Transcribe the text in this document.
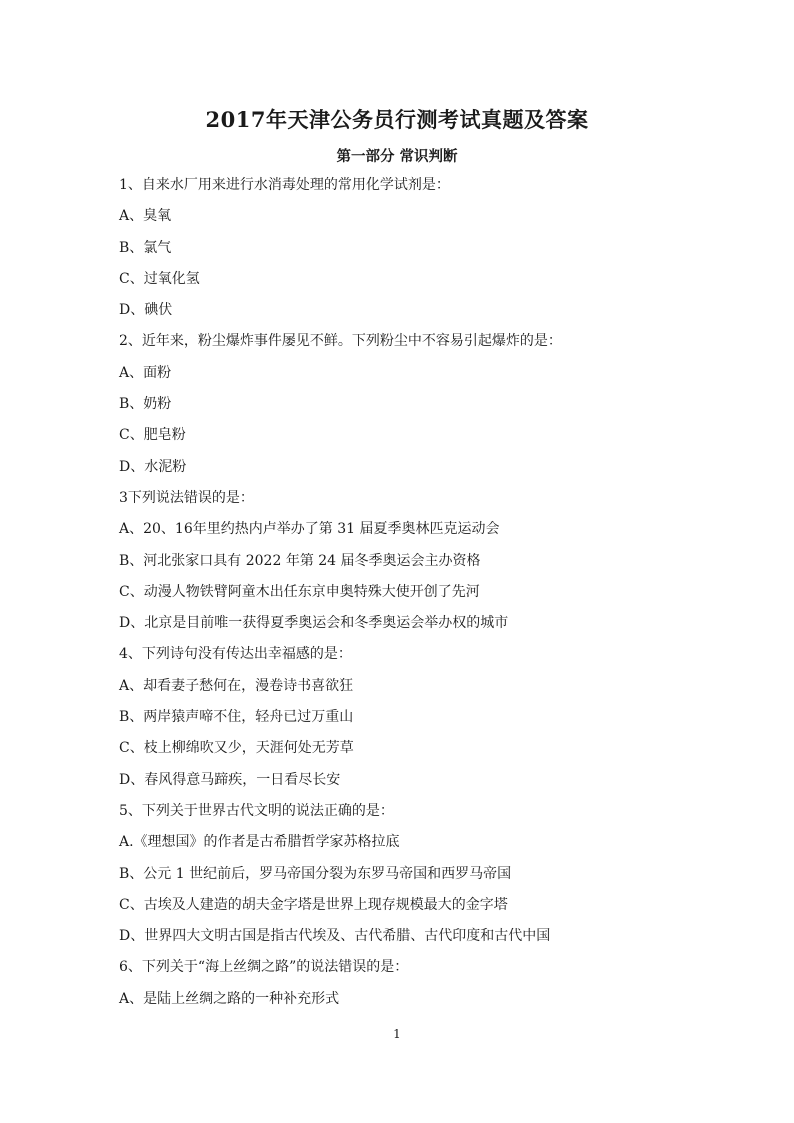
2017年天津公务员行测考试真题及答案
第一部分 常识判断
1、自来水厂用来进行水消毒处理的常用化学试剂是：
A、臭氧
B、氯气
C、过氧化氢
D、碘伏
2、近年来，粉尘爆炸事件屡见不鲜。下列粉尘中不容易引起爆炸的是：
A、面粉
B、奶粉
C、肥皂粉
D、水泥粉
3下列说法错误的是：
A、20、16年里约热内卢举办了第 31 届夏季奥林匹克运动会
B、河北张家口具有 2022 年第 24 届冬季奥运会主办资格
C、动漫人物铁臂阿童木出任东京申奥特殊大使开创了先河
D、北京是目前唯一获得夏季奥运会和冬季奥运会举办权的城市
4、下列诗句没有传达出幸福感的是：
A、却看妻子愁何在，漫卷诗书喜欲狂
B、两岸猿声啼不住，轻舟已过万重山
C、枝上柳绵吹又少，天涯何处无芳草
D、春风得意马蹄疾，一日看尽长安
5、下列关于世界古代文明的说法正确的是：
A.《理想国》的作者是古希腊哲学家苏格拉底
B、公元 1 世纪前后，罗马帝国分裂为东罗马帝国和西罗马帝国
C、古埃及人建造的胡夫金字塔是世界上现存规模最大的金字塔
D、世界四大文明古国是指古代埃及、古代希腊、古代印度和古代中国
6、下列关于“海上丝绸之路”的说法错误的是：
A、是陆上丝绸之路的一种补充形式
1
